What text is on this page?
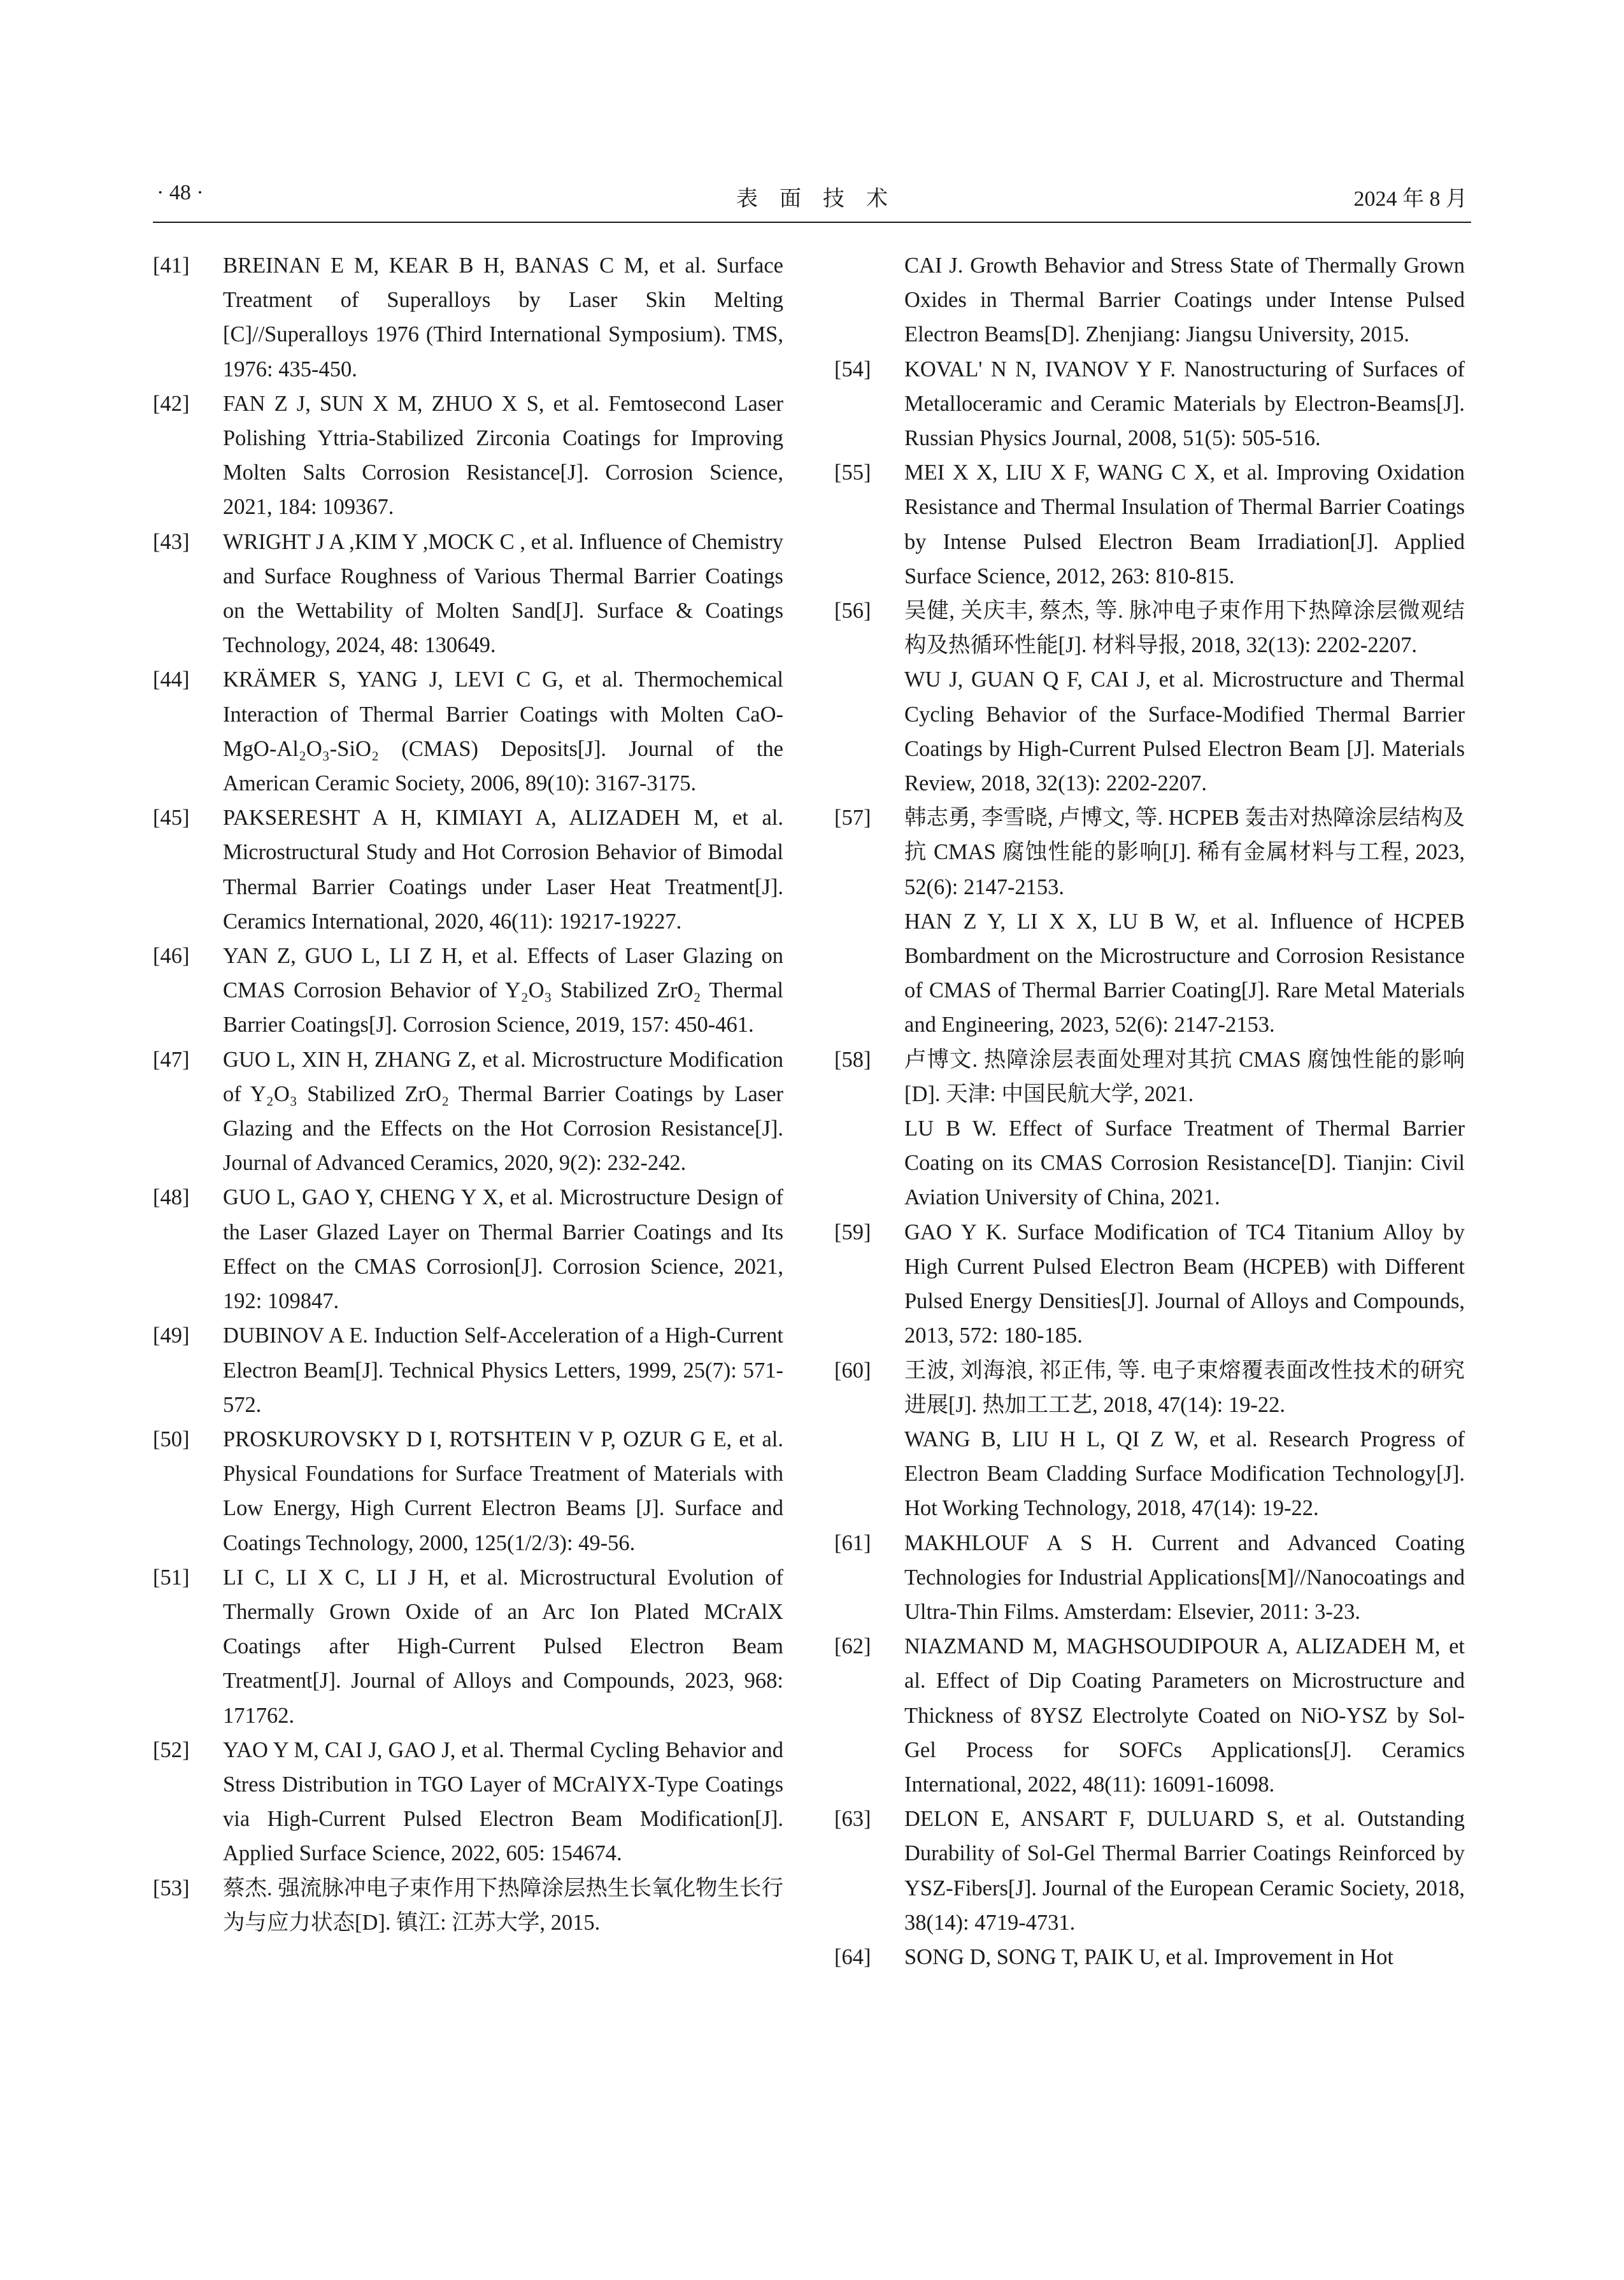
· 48 ·	表面技术	2024 年 8 月
[41]	BREINAN E M, KEAR B H, BANAS C M, et al. Surface Treatment of Superalloys by Laser Skin Melting [C]//Superalloys 1976 (Third International Symposium). TMS, 1976: 435-450.
[42]	FAN Z J, SUN X M, ZHUO X S, et al. Femtosecond Laser Polishing Yttria-Stabilized Zirconia Coatings for Improving Molten Salts Corrosion Resistance[J]. Corrosion Science, 2021, 184: 109367.
[43]	WRIGHT J A ,KIM Y ,MOCK C , et al. Influence of Chemistry and Surface Roughness of Various Thermal Barrier Coatings on the Wettability of Molten Sand[J]. Surface & Coatings Technology, 2024, 48: 130649.
[44]	KRÄMER S, YANG J, LEVI C G, et al. Thermochemical Interaction of Thermal Barrier Coatings with Molten CaO-MgO-Al₂O₃-SiO₂ (CMAS) Deposits[J]. Journal of the American Ceramic Society, 2006, 89(10): 3167-3175.
[45]	PAKSERESHT A H, KIMIAYI A, ALIZADEH M, et al. Microstructural Study and Hot Corrosion Behavior of Bimodal Thermal Barrier Coatings under Laser Heat Treatment[J]. Ceramics International, 2020, 46(11): 19217-19227.
[46]	YAN Z, GUO L, LI Z H, et al. Effects of Laser Glazing on CMAS Corrosion Behavior of Y₂O₃ Stabilized ZrO₂ Thermal Barrier Coatings[J]. Corrosion Science, 2019, 157: 450-461.
[47]	GUO L, XIN H, ZHANG Z, et al. Microstructure Modification of Y₂O₃ Stabilized ZrO₂ Thermal Barrier Coatings by Laser Glazing and the Effects on the Hot Corrosion Resistance[J]. Journal of Advanced Ceramics, 2020, 9(2): 232-242.
[48]	GUO L, GAO Y, CHENG Y X, et al. Microstructure Design of the Laser Glazed Layer on Thermal Barrier Coatings and Its Effect on the CMAS Corrosion[J]. Corrosion Science, 2021, 192: 109847.
[49]	DUBINOV A E. Induction Self-Acceleration of a High-Current Electron Beam[J]. Technical Physics Letters, 1999, 25(7): 571-572.
[50]	PROSKUROVSKY D I, ROTSHTEIN V P, OZUR G E, et al. Physical Foundations for Surface Treatment of Materials with Low Energy, High Current Electron Beams [J]. Surface and Coatings Technology, 2000, 125(1/2/3): 49-56.
[51]	LI C, LI X C, LI J H, et al. Microstructural Evolution of Thermally Grown Oxide of an Arc Ion Plated MCrAlX Coatings after High-Current Pulsed Electron Beam Treatment[J]. Journal of Alloys and Compounds, 2023, 968: 171762.
[52]	YAO Y M, CAI J, GAO J, et al. Thermal Cycling Behavior and Stress Distribution in TGO Layer of MCrAlYX-Type Coatings via High-Current Pulsed Electron Beam Modification[J]. Applied Surface Science, 2022, 605: 154674.
[53]	蔡杰. 强流脉冲电子束作用下热障涂层热生长氧化物生长行为与应力状态[D]. 镇江: 江苏大学, 2015.
CAI J. Growth Behavior and Stress State of Thermally Grown Oxides in Thermal Barrier Coatings under Intense Pulsed Electron Beams[D]. Zhenjiang: Jiangsu University, 2015.
[54]	KOVAL' N N, IVANOV Y F. Nanostructuring of Surfaces of Metalloceramic and Ceramic Materials by Electron-Beams[J]. Russian Physics Journal, 2008, 51(5): 505-516.
[55]	MEI X X, LIU X F, WANG C X, et al. Improving Oxidation Resistance and Thermal Insulation of Thermal Barrier Coatings by Intense Pulsed Electron Beam Irradiation[J]. Applied Surface Science, 2012, 263: 810-815.
[56]	吴健, 关庆丰, 蔡杰, 等. 脉冲电子束作用下热障涂层微观结构及热循环性能[J]. 材料导报, 2018, 32(13): 2202-2207.
WU J, GUAN Q F, CAI J, et al. Microstructure and Thermal Cycling Behavior of the Surface-Modified Thermal Barrier Coatings by High-Current Pulsed Electron Beam [J]. Materials Review, 2018, 32(13): 2202-2207.
[57]	韩志勇, 李雪晓, 卢博文, 等. HCPEB 轰击对热障涂层结构及抗 CMAS 腐蚀性能的影响[J]. 稀有金属材料与工程, 2023, 52(6): 2147-2153.
HAN Z Y, LI X X, LU B W, et al. Influence of HCPEB Bombardment on the Microstructure and Corrosion Resistance of CMAS of Thermal Barrier Coating[J]. Rare Metal Materials and Engineering, 2023, 52(6): 2147-2153.
[58]	卢博文. 热障涂层表面处理对其抗 CMAS 腐蚀性能的影响[D]. 天津: 中国民航大学, 2021.
LU B W. Effect of Surface Treatment of Thermal Barrier Coating on its CMAS Corrosion Resistance[D]. Tianjin: Civil Aviation University of China, 2021.
[59]	GAO Y K. Surface Modification of TC4 Titanium Alloy by High Current Pulsed Electron Beam (HCPEB) with Different Pulsed Energy Densities[J]. Journal of Alloys and Compounds, 2013, 572: 180-185.
[60]	王波, 刘海浪, 祁正伟, 等. 电子束熔覆表面改性技术的研究进展[J]. 热加工工艺, 2018, 47(14): 19-22.
WANG B, LIU H L, QI Z W, et al. Research Progress of Electron Beam Cladding Surface Modification Technology[J]. Hot Working Technology, 2018, 47(14): 19-22.
[61]	MAKHLOUF A S H. Current and Advanced Coating Technologies for Industrial Applications[M]//Nanocoatings and Ultra-Thin Films. Amsterdam: Elsevier, 2011: 3-23.
[62]	NIAZMAND M, MAGHSOUDIPOUR A, ALIZADEH M, et al. Effect of Dip Coating Parameters on Microstructure and Thickness of 8YSZ Electrolyte Coated on NiO-YSZ by Sol-Gel Process for SOFCs Applications[J]. Ceramics International, 2022, 48(11): 16091-16098.
[63]	DELON E, ANSART F, DULUARD S, et al. Outstanding Durability of Sol-Gel Thermal Barrier Coatings Reinforced by YSZ-Fibers[J]. Journal of the European Ceramic Society, 2018, 38(14): 4719-4731.
[64]	SONG D, SONG T, PAIK U, et al. Improvement in Hot
